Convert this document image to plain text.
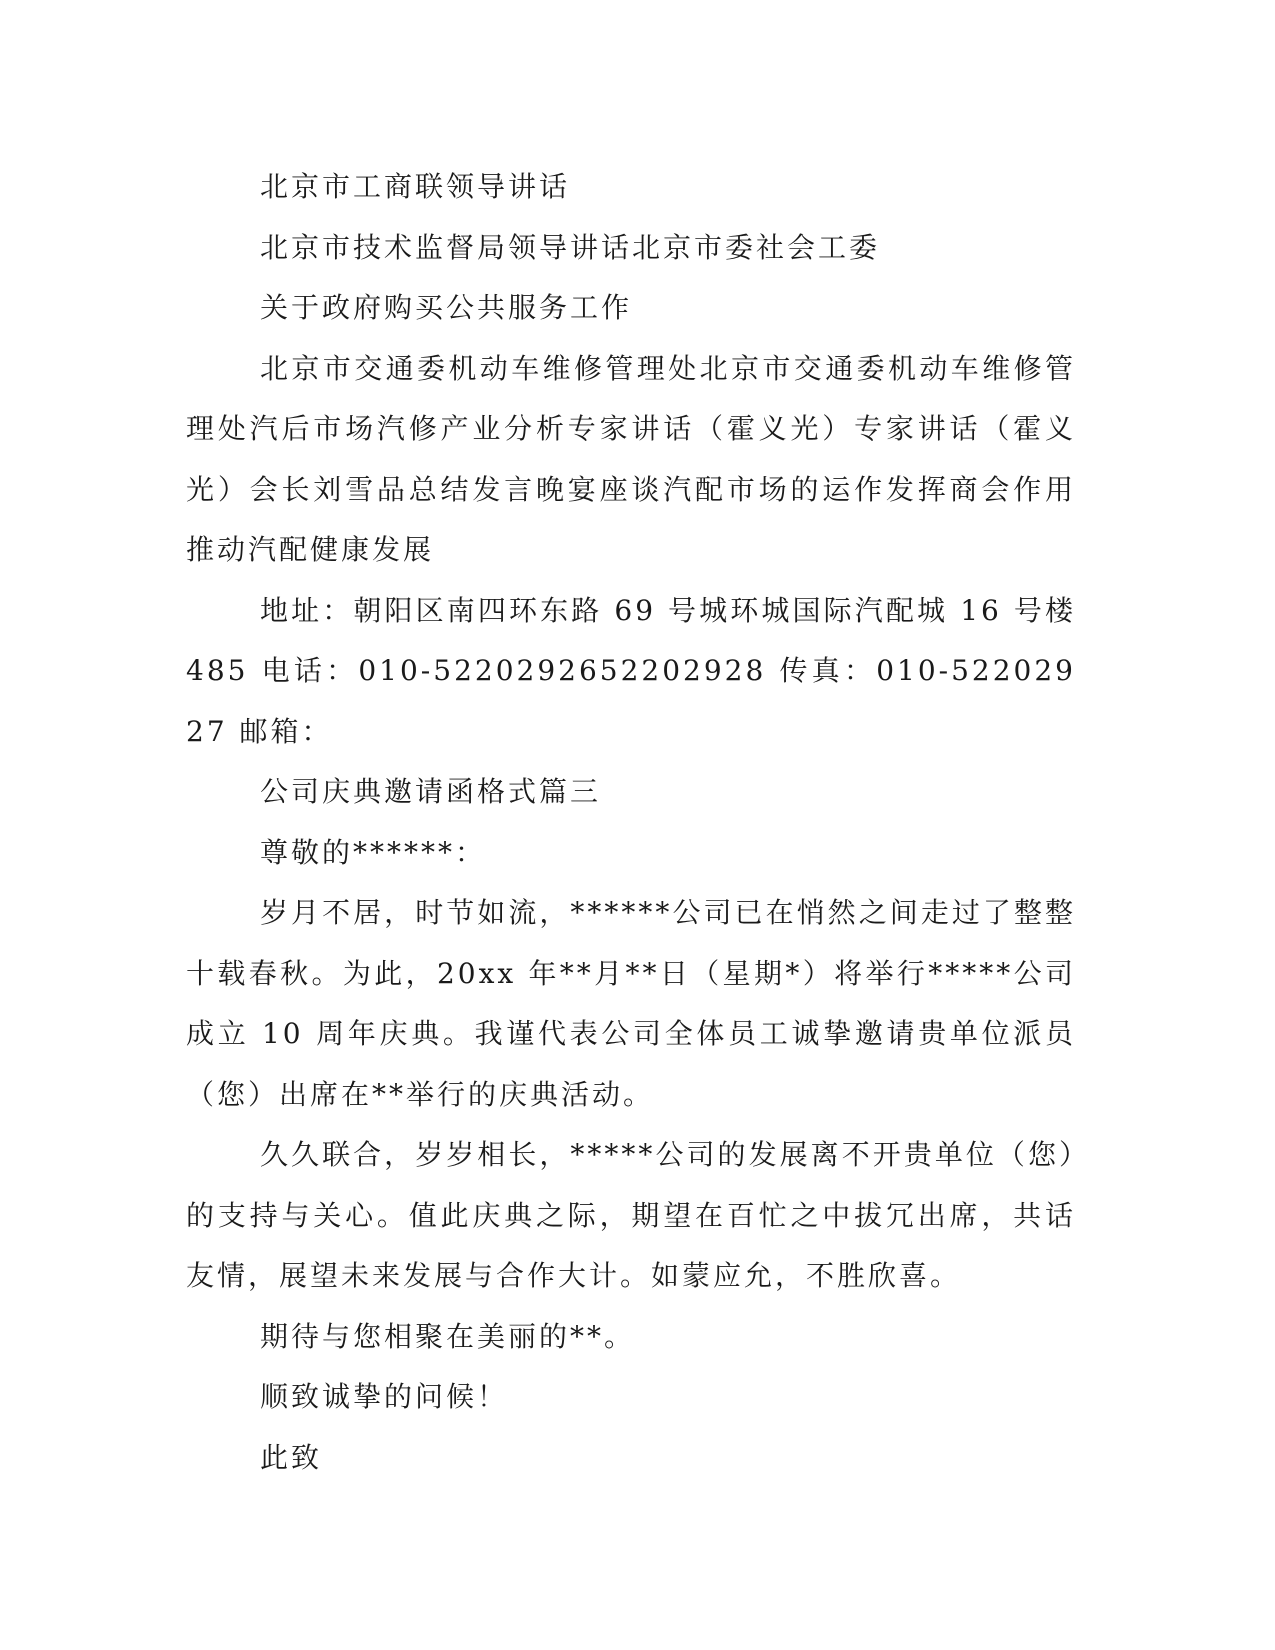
北京市工商联领导讲话

北京市技术监督局领导讲话北京市委社会工委

关于政府购买公共服务工作

北京市交通委机动车维修管理处北京市交通委机动车维修管理处汽后市场汽修产业分析专家讲话（霍义光）专家讲话（霍义光）会长刘雪品总结发言晚宴座谈汽配市场的运作发挥商会作用推动汽配健康发展

地址：朝阳区南四环东路 69 号城环城国际汽配城 16 号楼 485 电话：010-5220292652202928 传真：010-52202927 邮箱：

公司庆典邀请函格式篇三

尊敬的******：

岁月不居，时节如流，******公司已在悄然之间走过了整整十载春秋。为此，20xx 年**月**日（星期*）将举行*****公司成立 10 周年庆典。我谨代表公司全体员工诚挚邀请贵单位派员（您）出席在**举行的庆典活动。

久久联合，岁岁相长，*****公司的发展离不开贵单位（您）的支持与关心。值此庆典之际，期望在百忙之中拔冗出席，共话友情，展望未来发展与合作大计。如蒙应允，不胜欣喜。

期待与您相聚在美丽的**。

顺致诚挚的问候！

此致
